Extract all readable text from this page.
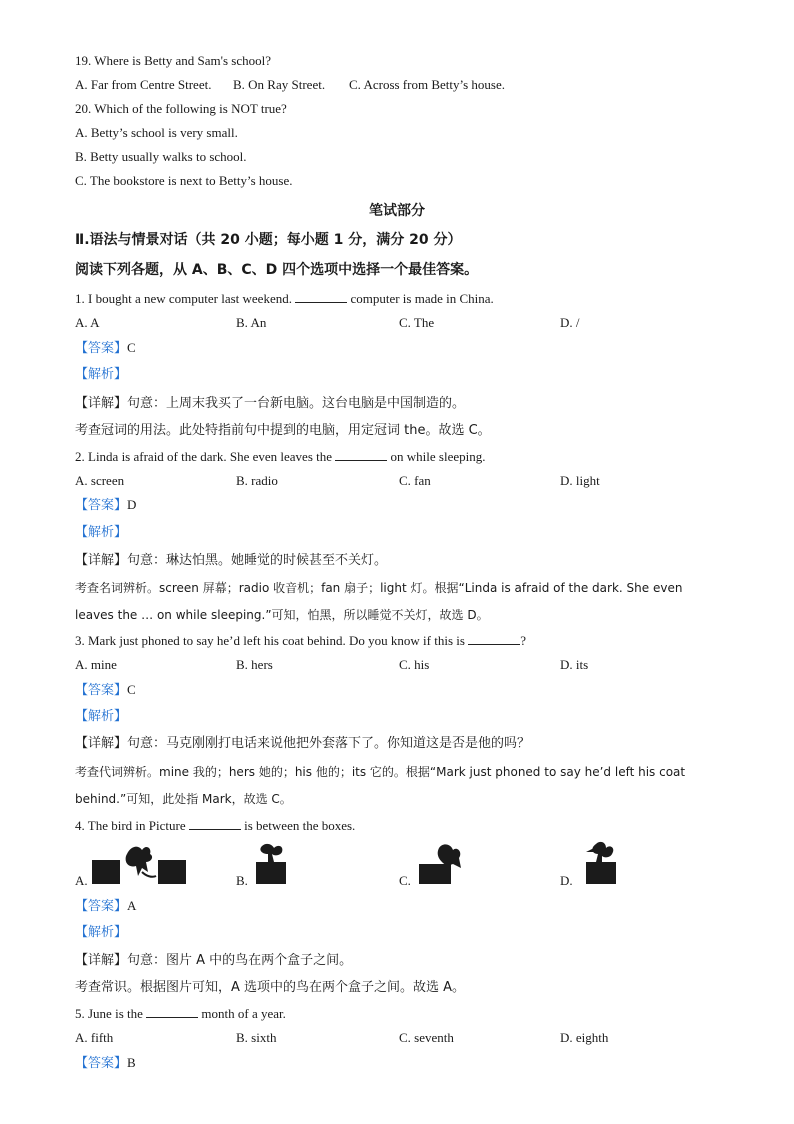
19. Where is Betty and Sam's school?
A. Far from Centre Street. B. On Ray Street. C. Across from Betty’s house.
20. Which of the following is NOT true?
A. Betty’s school is very small.
B. Betty usually walks to school.
C. The bookstore is next to Betty’s house.
笔试部分
Ⅱ.语法与情景对话（共 20 小题；每小题 1 分，满分 20 分）
阅读下列各题，从 A、B、C、D 四个选项中选择一个最佳答案。
1. I bought a new computer last weekend.	computer is made in China.
A. A	B. An	C. The	D. /
【答案】C
【解析】
【详解】句意：上周末我买了一台新电脑。这台电脑是中国制造的。
考查冠词的用法。此处特指前句中提到的电脑，用定冠词 the。故选 C。
2. Linda is afraid of the dark. She even leaves the	on while sleeping.
A. screen	B. radio	C. fan	D. light
【答案】D
【解析】
【详解】句意：琳达怕黑。她睡觉的时候甚至不关灯。
考查名词辨析。screen 屏幕；radio 收音机；fan 扇子；light 灯。根据“Linda is afraid of the dark. She even
leaves the … on while sleeping.”可知，怕黑，所以睡觉不关灯，故选 D。
3. Mark just phoned to say he’d left his coat behind. Do you know if this is	?
A. mine	B. hers	C. his	D. its
【答案】C
【解析】
【详解】句意：马克刚刚打电话来说他把外套落下了。你知道这是否是他的吗？
考查代词辨析。mine 我的；hers 她的；his 他的；its 它的。根据“Mark just phoned to say he’d left his coat
behind.”可知，此处指 Mark，故选 C。
4. The bird in Picture	is between the boxes.
A.	B.	C.	D.
【答案】A
【解析】
【详解】句意：图片 A 中的鸟在两个盒子之间。
考查常识。根据图片可知，A 选项中的鸟在两个盒子之间。故选 A。
5. June is the	month of a year.
A. fifth	B. sixth	C. seventh	D. eighth
【答案】B
